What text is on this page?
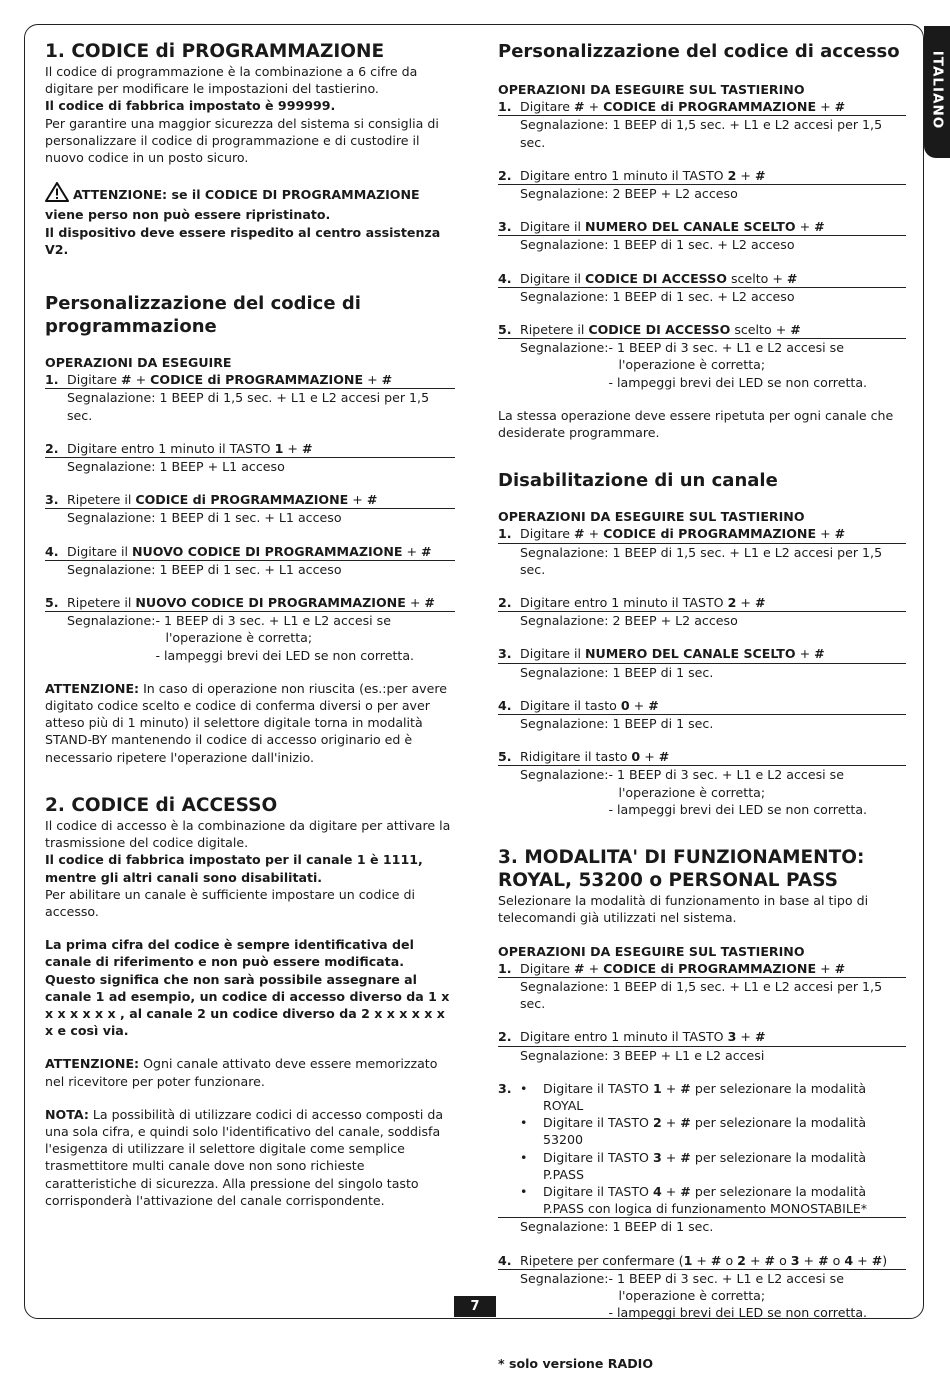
ITALIANO
1. CODICE di PROGRAMMAZIONE

Il codice di programmazione è la combinazione a 6 cifre da digitare per modificare le impostazioni del tastierino.

Il codice di fabbrica impostato è 999999.

Per garantire una maggior sicurezza del sistema si consiglia di personalizzare il codice di programmazione e di custodire il nuovo codice in un posto sicuro.

ATTENZIONE: se il CODICE DI PROGRAMMAZIONE viene perso non può essere ripristinato.

Il dispositivo deve essere rispedito al centro assistenza V2.

Personalizzazione del codice di programmazione

OPERAZIONI DA ESEGUIRE

1. Digitare # + CODICE di PROGRAMMAZIONE + #

Segnalazione: 1 BEEP di 1,5 sec. + L1 e L2 accesi per 1,5 sec.

2. Digitare entro 1 minuto il TASTO 1 + #

Segnalazione: 1 BEEP + L1 acceso

3. Ripetere il CODICE di PROGRAMMAZIONE + #

Segnalazione: 1 BEEP di 1 sec. + L1 acceso

4. Digitare il NUOVO CODICE DI PROGRAMMAZIONE + #

Segnalazione: 1 BEEP di 1 sec. + L1 acceso

5. Ripetere il NUOVO CODICE DI PROGRAMMAZIONE + #
Segnalazione: - 1 BEEP di 3 sec. + L1 e L2 accesi se
l'operazione è corretta;
- lampeggi brevi dei LED se non corretta.

ATTENZIONE: In caso di operazione non riuscita (es.:per avere digitato codice scelto e codice di conferma diversi o per aver atteso più di 1 minuto) il selettore digitale torna in modalità STAND-BY mantenendo il codice di accesso originario ed è necessario ripetere l'operazione dall'inizio.

2. CODICE di ACCESSO

Il codice di accesso è la combinazione da digitare per attivare la trasmissione del codice digitale.

Il codice di fabbrica impostato per il canale 1 è 1111, mentre gli altri canali sono disabilitati.

Per abilitare un canale è sufficiente impostare un codice di accesso.

La prima cifra del codice è sempre identificativa del canale di riferimento e non può essere modificata. Questo significa che non sarà possibile assegnare al canale 1 ad esempio, un codice di accesso diverso da 1 x x x x x x x , al canale 2 un codice diverso da 2 x x x x x x x e così via.

ATTENZIONE: Ogni canale attivato deve essere memorizzato nel ricevitore per poter funzionare.

NOTA: La possibilità di utilizzare codici di accesso composti da una sola cifra, e quindi solo l'identificativo del canale, soddisfa l'esigenza di utilizzare il selettore digitale come semplice trasmettitore multi canale dove non sono richieste caratteristiche di sicurezza. Alla pressione del singolo tasto corrisponderà l'attivazione del canale corrispondente.

Personalizzazione del codice di accesso

OPERAZIONI DA ESEGUIRE SUL TASTIERINO

1. Digitare # + CODICE di PROGRAMMAZIONE + #

Segnalazione: 1 BEEP di 1,5 sec. + L1 e L2 accesi per 1,5 sec.

2. Digitare entro 1 minuto il TASTO 2 + #

Segnalazione: 2 BEEP + L2 acceso

3. Digitare il NUMERO DEL CANALE SCELTO + #

Segnalazione: 1 BEEP di 1 sec. + L2 acceso

4. Digitare il CODICE DI ACCESSO scelto + #

Segnalazione: 1 BEEP di 1 sec. + L2 acceso

5. Ripetere il CODICE DI ACCESSO scelto + #
Segnalazione: - 1 BEEP di 3 sec. + L1 e L2 accesi se
l'operazione è corretta;
- lampeggi brevi dei LED se non corretta.

La stessa operazione deve essere ripetuta per ogni canale che desiderate programmare.

Disabilitazione di un canale

OPERAZIONI DA ESEGUIRE SUL TASTIERINO

1. Digitare # + CODICE di PROGRAMMAZIONE + #

Segnalazione: 1 BEEP di 1,5 sec. + L1 e L2 accesi per 1,5 sec.

2. Digitare entro 1 minuto il TASTO 2 + #

Segnalazione: 2 BEEP + L2 acceso

3. Digitare il NUMERO DEL CANALE SCELTO + #

Segnalazione: 1 BEEP di 1 sec.

4. Digitare il tasto 0 + #

Segnalazione: 1 BEEP di 1 sec.

5. Ridigitare il tasto 0 + #
Segnalazione: - 1 BEEP di 3 sec. + L1 e L2 accesi se
l'operazione è corretta;
- lampeggi brevi dei LED se non corretta.
3. MODALITA' DI FUNZIONAMENTO: ROYAL, 53200 o PERSONAL PASS

Selezionare la modalità di funzionamento in base al tipo di telecomandi già utilizzati nel sistema.

OPERAZIONI DA ESEGUIRE SUL TASTIERINO

1. Digitare # + CODICE di PROGRAMMAZIONE + #

Segnalazione: 1 BEEP di 1,5 sec. + L1 e L2 accesi per 1,5 sec.

2. Digitare entro 1 minuto il TASTO 3 + #

Segnalazione: 3 BEEP + L1 e L2 accesi

3. •	Digitare il TASTO 1 + # per selezionare la modalità ROYAL
•	Digitare il TASTO 2 + # per selezionare la modalità 53200
•	Digitare il TASTO 3 + # per selezionare la modalità P.PASS
•	Digitare il TASTO 4 + # per selezionare la modalità P.PASS con logica di funzionamento MONOSTABILE*

Segnalazione: 1 BEEP di 1 sec.

4. Ripetere per confermare (1 + # o 2 + # o 3 + # o 4 + #)
Segnalazione: - 1 BEEP di 3 sec. + L1 e L2 accesi se
l'operazione è corretta;
- lampeggi brevi dei LED se non corretta.

* solo versione RADIO

7
